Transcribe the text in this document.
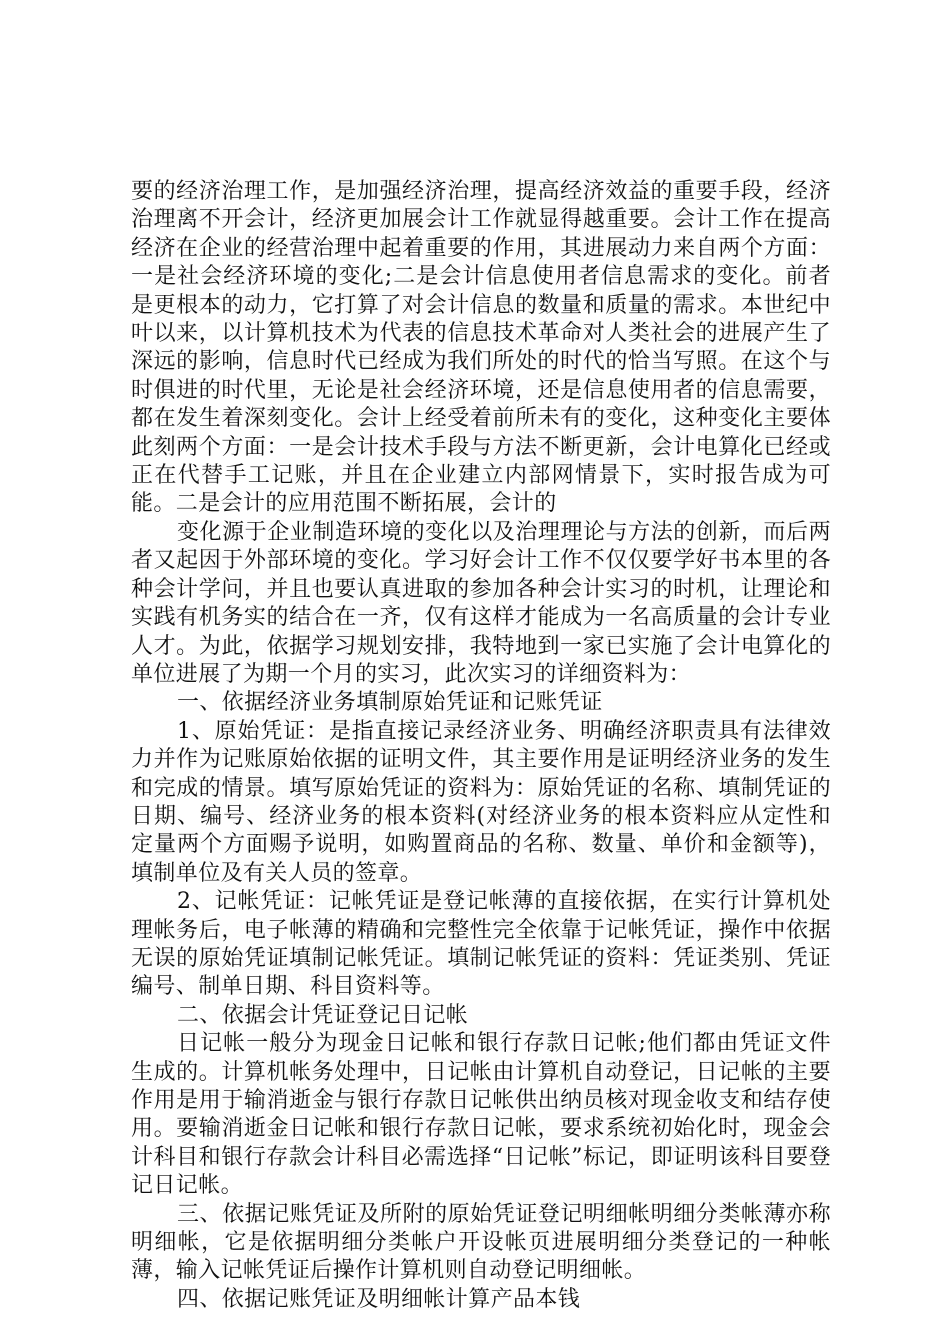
要的经济治理工作，是加强经济治理，提高经济效益的重要手段，经济治理离不开会计，经济更加展会计工作就显得越重要。会计工作在提高经济在企业的经营治理中起着重要的作用，其进展动力来自两个方面：一是社会经济环境的变化;二是会计信息使用者信息需求的变化。前者是更根本的动力，它打算了对会计信息的数量和质量的需求。本世纪中叶以来，以计算机技术为代表的信息技术革命对人类社会的进展产生了深远的影响，信息时代已经成为我们所处的时代的恰当写照。在这个与时俱进的时代里，无论是社会经济环境，还是信息使用者的信息需要，都在发生着深刻变化。会计上经受着前所未有的变化，这种变化主要体此刻两个方面：一是会计技术手段与方法不断更新，会计电算化已经或正在代替手工记账，并且在企业建立内部网情景下，实时报告成为可能。二是会计的应用范围不断拓展，会计的

变化源于企业制造环境的变化以及治理理论与方法的创新，而后两者又起因于外部环境的变化。学习好会计工作不仅仅要学好书本里的各种会计学问，并且也要认真进取的参加各种会计实习的时机，让理论和实践有机务实的结合在一齐，仅有这样才能成为一名高质量的会计专业人才。为此，依据学习规划安排，我特地到一家已实施了会计电算化的单位进展了为期一个月的实习，此次实习的详细资料为：

一、依据经济业务填制原始凭证和记账凭证

1、原始凭证：是指直接记录经济业务、明确经济职责具有法律效力并作为记账原始依据的证明文件，其主要作用是证明经济业务的发生和完成的情景。填写原始凭证的资料为：原始凭证的名称、填制凭证的日期、编号、经济业务的根本资料(对经济业务的根本资料应从定性和定量两个方面赐予说明，如购置商品的名称、数量、单价和金额等)，填制单位及有关人员的签章。

2、记帐凭证：记帐凭证是登记帐薄的直接依据，在实行计算机处理帐务后，电子帐薄的精确和完整性完全依靠于记帐凭证，操作中依据无误的原始凭证填制记帐凭证。填制记帐凭证的资料：凭证类别、凭证编号、制单日期、科目资料等。

二、依据会计凭证登记日记帐

日记帐一般分为现金日记帐和银行存款日记帐;他们都由凭证文件生成的。计算机帐务处理中，日记帐由计算机自动登记，日记帐的主要作用是用于输消逝金与银行存款日记帐供出纳员核对现金收支和结存使用。要输消逝金日记帐和银行存款日记帐，要求系统初始化时，现金会计科目和银行存款会计科目必需选择“日记帐”标记，即证明该科目要登记日记帐。

三、依据记账凭证及所附的原始凭证登记明细帐明细分类帐薄亦称明细帐，它是依据明细分类帐户开设帐页进展明细分类登记的一种帐薄，输入记帐凭证后操作计算机则自动登记明细帐。

四、依据记账凭证及明细帐计算产品本钱
